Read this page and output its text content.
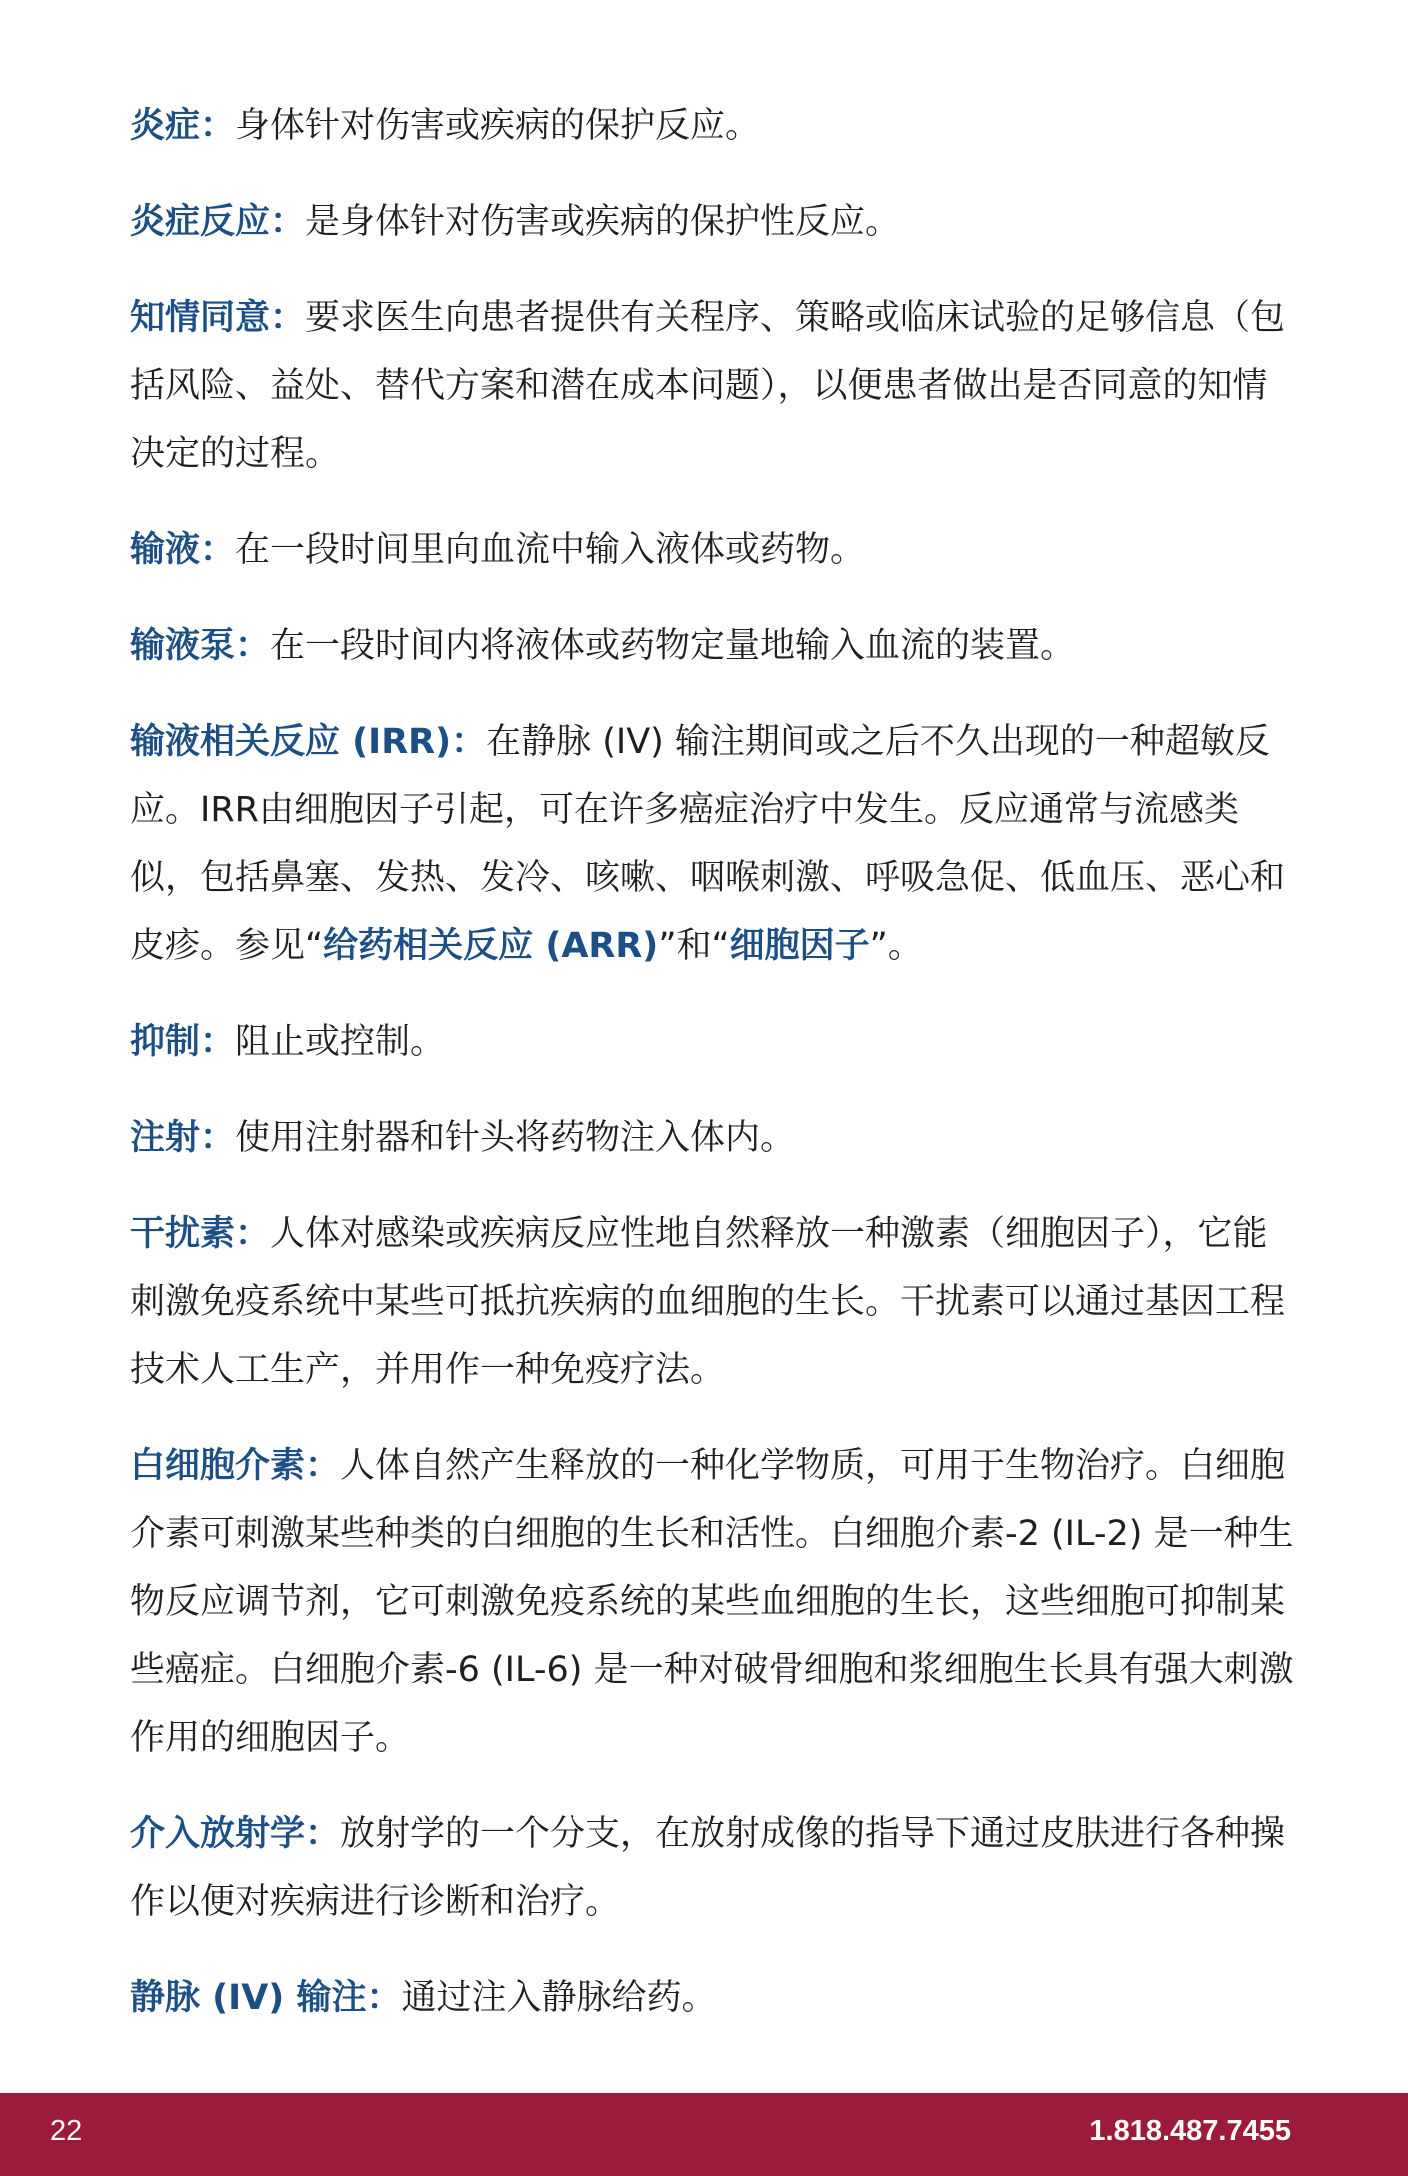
炎症：身体针对伤害或疾病的保护反应。

炎症反应：是身体针对伤害或疾病的保护性反应。

知情同意：要求医生向患者提供有关程序、策略或临床试验的足够信息（包括风险、益处、替代方案和潜在成本问题），以便患者做出是否同意的知情决定的过程。

输液：在一段时间里向血流中输入液体或药物。

输液泵：在一段时间内将液体或药物定量地输入血流的装置。

输液相关反应 (IRR)：在静脉 (IV) 输注期间或之后不久出现的一种超敏反应。IRR由细胞因子引起，可在许多癌症治疗中发生。反应通常与流感类似，包括鼻塞、发热、发冷、咳嗽、咽喉刺激、呼吸急促、低血压、恶心和皮疹。参见“给药相关反应 (ARR)”和“细胞因子”。

抑制：阻止或控制。

注射：使用注射器和针头将药物注入体内。

干扰素：人体对感染或疾病反应性地自然释放一种激素（细胞因子），它能刺激免疫系统中某些可抵抗疾病的血细胞的生长。干扰素可以通过基因工程技术人工生产，并用作一种免疫疗法。

白细胞介素：人体自然产生释放的一种化学物质，可用于生物治疗。白细胞介素可刺激某些种类的白细胞的生长和活性。白细胞介素-2 (IL-2) 是一种生物反应调节剂，它可刺激免疫系统的某些血细胞的生长，这些细胞可抑制某些癌症。白细胞介素-6 (IL-6) 是一种对破骨细胞和浆细胞生长具有强大刺激作用的细胞因子。

介入放射学：放射学的一个分支，在放射成像的指导下通过皮肤进行各种操作以便对疾病进行诊断和治疗。

静脉 (IV) 输注：通过注入静脉给药。

22	1.818.487.7455
